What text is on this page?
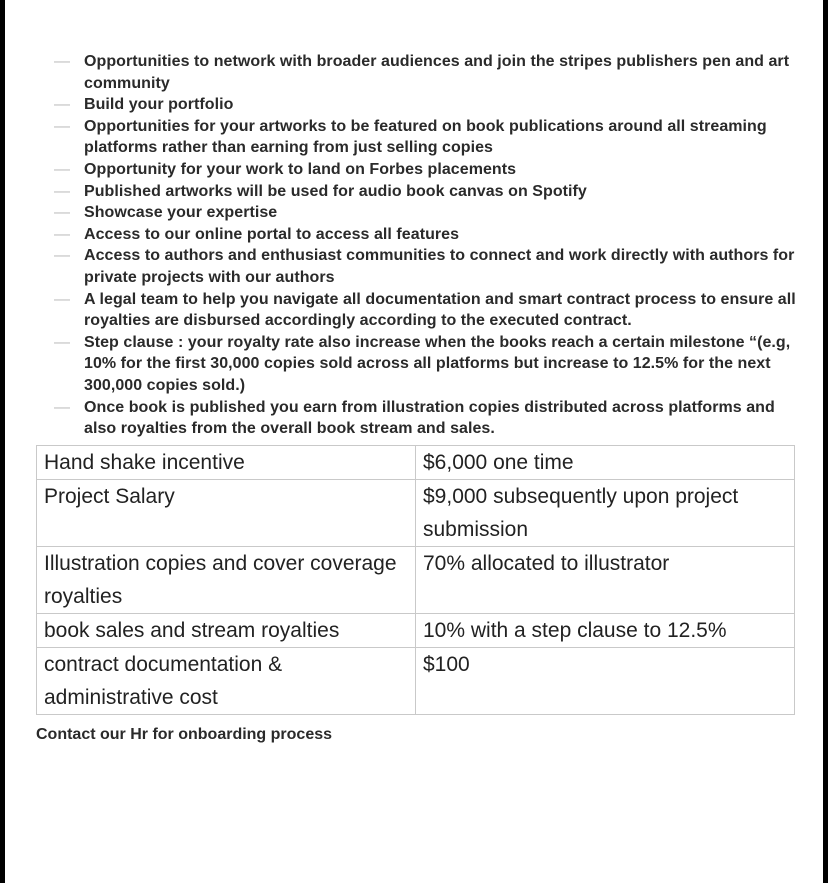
— Opportunities to network with broader audiences and join the stripes publishers pen and art community
— Build your portfolio
— Opportunities for your artworks to be featured on book publications around all streaming platforms rather than earning from just selling copies
— Opportunity for your work to land on Forbes placements
— Published artworks will be used for audio book canvas on Spotify
— Showcase your expertise
— Access to our online portal to access all features
— Access to authors and enthusiast communities to connect and work directly with authors for private projects with our authors
— A legal team to help you navigate all documentation and smart contract process to ensure all royalties are disbursed accordingly according to the executed contract.
— Step clause : your royalty rate also increase when the books reach a certain milestone “(e.g, 10% for the first 30,000 copies sold across all platforms but increase to 12.5% for the next 300,000 copies sold.)
— Once book is published you earn from illustration copies distributed across platforms and also royalties from the overall book stream and sales.
Hand shake incentive	$6,000 one time
Project Salary	$9,000 subsequently upon project submission
Illustration copies and cover coverage royalties	70% allocated to illustrator
book sales and stream royalties	10% with a step clause to 12.5%
contract documentation & administrative cost	$100
Contact our Hr for onboarding process
